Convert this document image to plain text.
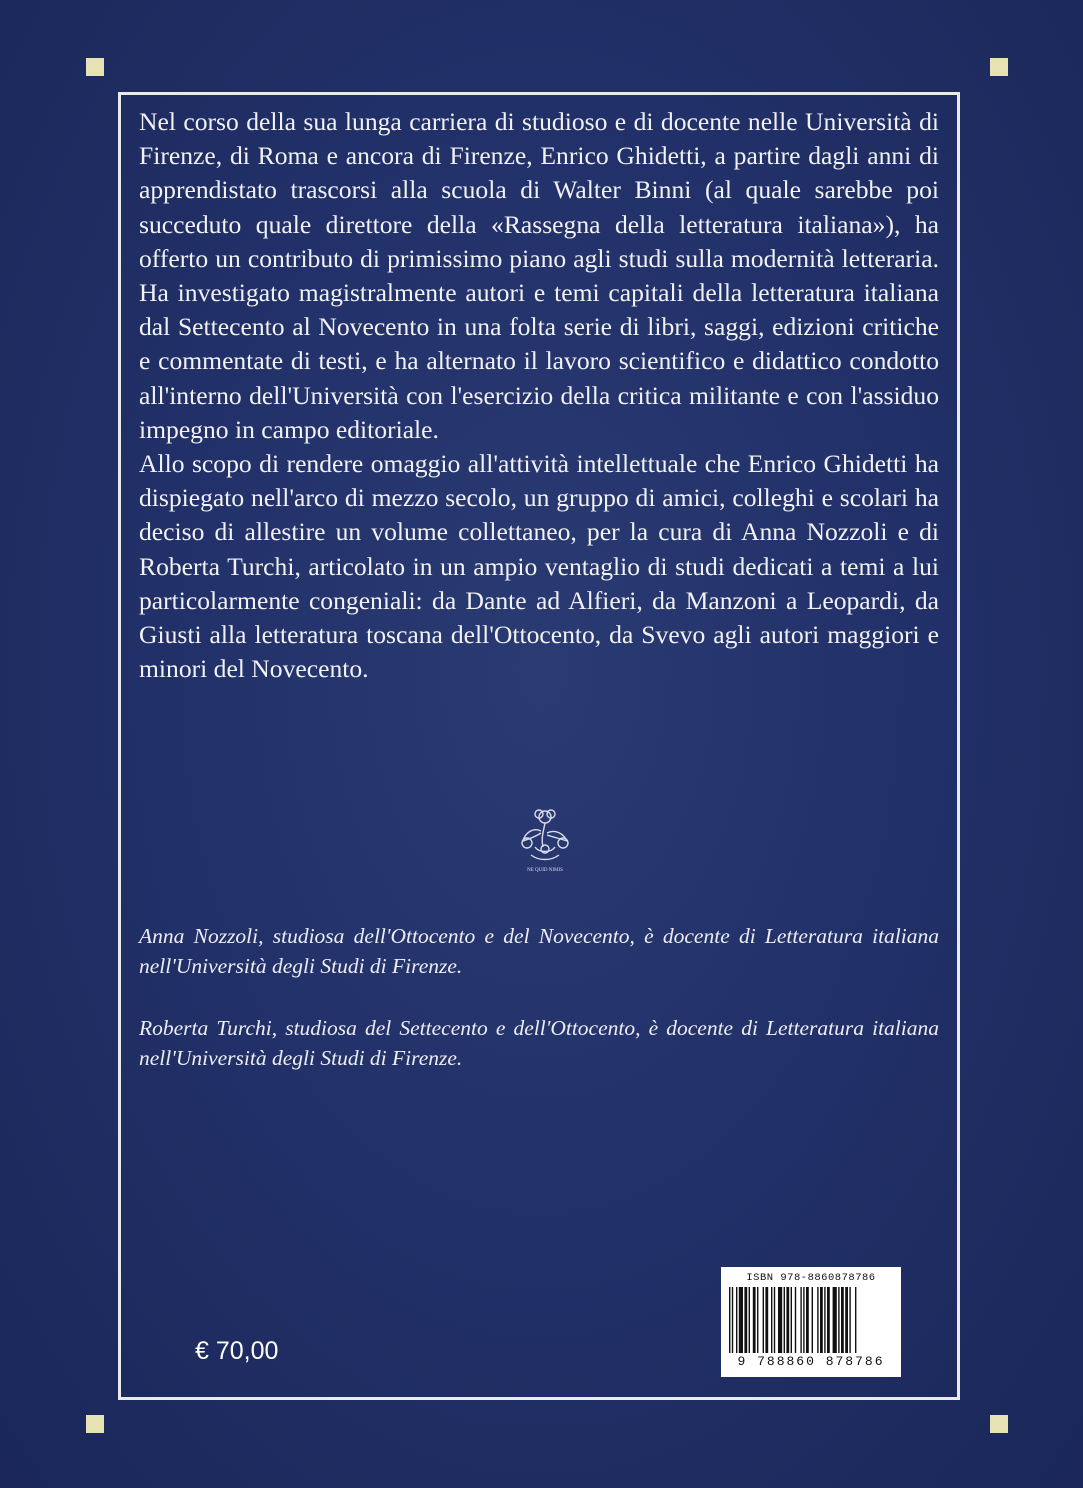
Nel corso della sua lunga carriera di studioso e di docente nelle Università di Firenze, di Roma e ancora di Firenze, Enrico Ghidetti, a partire dagli anni di apprendistato trascorsi alla scuola di Walter Binni (al quale sarebbe poi succeduto quale direttore della «Rassegna della letteratura italiana»), ha offerto un contributo di primissimo piano agli studi sulla modernità letteraria. Ha investigato magistralmente autori e temi capitali della letteratura italiana dal Settecento al Novecento in una folta serie di libri, saggi, edizioni critiche e commentate di testi, e ha alternato il lavoro scientifico e didattico condotto all'interno dell'Università con l'esercizio della critica militante e con l'assiduo impegno in campo editoriale.

Allo scopo di rendere omaggio all'attività intellettuale che Enrico Ghidetti ha dispiegato nell'arco di mezzo secolo, un gruppo di amici, colleghi e scolari ha deciso di allestire un volume collettaneo, per la cura di Anna Nozzoli e di Roberta Turchi, articolato in un ampio ventaglio di studi dedicati a temi a lui particolarmente congeniali: da Dante ad Alfieri, da Manzoni a Leopardi, da Giusti alla letteratura toscana dell'Ottocento, da Svevo agli autori maggiori e minori del Novecento.

NE QUID NIMIS

Anna Nozzoli, studiosa dell'Ottocento e del Novecento, è docente di Letteratura italiana nell'Università degli Studi di Firenze.

Roberta Turchi, studiosa del Settecento e dell'Ottocento, è docente di Letteratura italiana nell'Università degli Studi di Firenze.

€ 70,00
ISBN 978-8860878786
9 788860 878786
